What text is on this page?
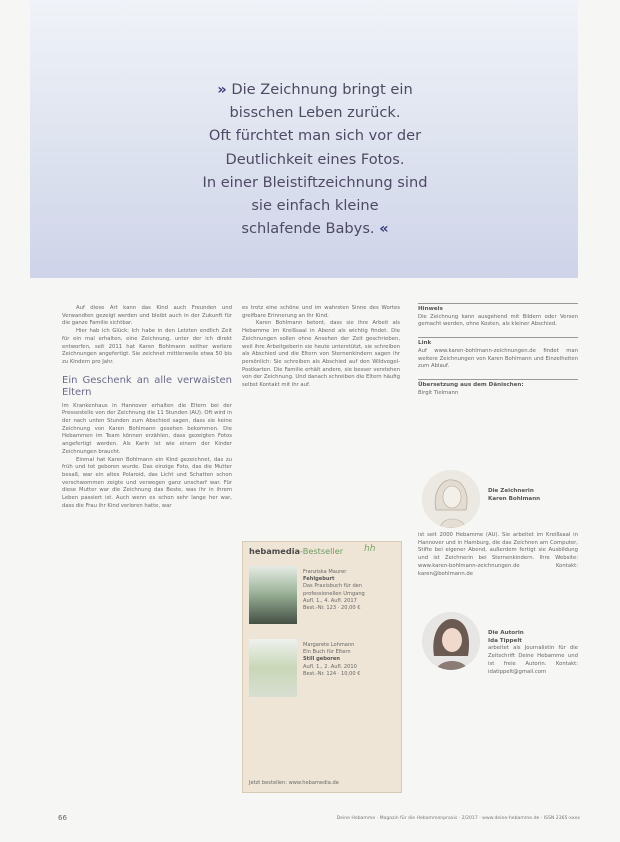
» Die Zeichnung bringt ein
bisschen Leben zurück.
Oft fürchtet man sich vor der
Deutlichkeit eines Fotos.
In einer Bleistiftzeichnung sind
sie einfach kleine
schlafende Babys. «

Auf diese Art kann das Kind auch Freunden und Verwandten gezeigt werden und bleibt auch in der Zukunft für die ganze Familie sichtbar.

Hier hab ich Glück: Ich habe in den Letzten endlich Zeit für ein mal erhalten, eine Zeichnung, unter der ich direkt entworfen, seit 2011 hat Karen Bohlmann seither weitere Zeichnungen angefertigt. Sie zeichnet mittlerweile etwa 50 bis zu Kindern pro Jahr.

Ein Geschenk an alle verwaisten Eltern

Im Krankenhaus in Hannover erhalten die Eltern bei der Pressestelle von der Zeichnung die 11 Stunden (AU). Oft wird in der nach unten Stunden zum Abschied sagen, dass sie keine Zeichnung von Karen Bohlmann gesehen bekommen. Die Hebammen im Team können erzählen, dass gezeigten Fotos angefertigt werden. Als Karin ist wie einem der Kinder Zeichnungen braucht.

Einmal hat Karen Bohlmann ein Kind gezeichnet, das zu früh und tot geboren wurde. Das einzige Foto, das die Mutter besaß, war ein altes Polaroid, das Licht und Schatten schon verschwommen zeigte und verwegen ganz unscharf war. Für diese Mutter war die Zeichnung das Beste, was ihr in ihrem Leben passiert ist. Auch wenn es schon sehr lange her war, dass die Frau ihr Kind verloren hatte, war

es trotz eine schöne und im wahrsten Sinne des Wortes greifbare Erinnerung an ihr Kind.

Karen Bohlmann betont, dass sie ihre Arbeit als Hebamme im Kreißsaal in Abend als wichtig findet. Die Zeichnungen sollen ohne Ansehen der Zeit geschrieben, weil ihre Arbeitgeberin sie heute unterstützt, sie schreiben als Abschied und die Eltern von Sternenkindern sagen ihr persönlich: Sie schreiben als Abschied auf den Wildvogel-Postkarten. Die Familie erhält andere, sie besser verstehen von der Zeichnung. Und danach schreiben die Eltern häufig selbst Kontakt mit ihr auf.

hebamedia-Bestseller hh
Franziska Maurer
Fehlgeburt
Das Praxisbuch für den professionellen Umgang
Aufl. 1., 4. Aufl. 2017
Best.-Nr. 123 · 20,00 €
Margarete Lohmann
Ein Buch für Eltern
Still geboren
Aufl. 1., 2. Aufl. 2010
Best.-Nr. 124 · 10,00 €
Jetzt bestellen: www.hebamedia.de
Hinweis

Die Zeichnung kann ausgehend mit Bildern oder Versen gemacht werden, ohne Kosten, als kleiner Abschied.

Link

Auf www.karen-bohlmann-zeichnungen.de findet man weitere Zeichnungen von Karen Bohlmann und Einzelheiten zum Ablauf.

Übersetzung aus dem Dänischen:

Birgit Tielmann

Die Zeichnerin
Karen Bohlmann

ist seit 2000 Hebamme (AU). Sie arbeitet im Kreißsaal in Hannover und in Hamburg, die das Zeichnen am Computer, Stifte bei eigener Abend, außerdem fertigt sie Ausbildung und ist Zeichnerin bei Sternenkindern. Ihre Website: www.karen-bohlmann-zeichnungen.de Kontakt: karen@bohlmann.de

Die Autorin
Ida Tippelt

arbeitet als Journalistin für die Zeitschrift Deine Hebamme und ist freie Autorin. Kontakt: idatippelt@gmail.com

66	Deine Hebamme · Magazin für die Hebammenpraxis · 2/2017 · www.deine-hebamme.de · ISSN 2365-xxxx
